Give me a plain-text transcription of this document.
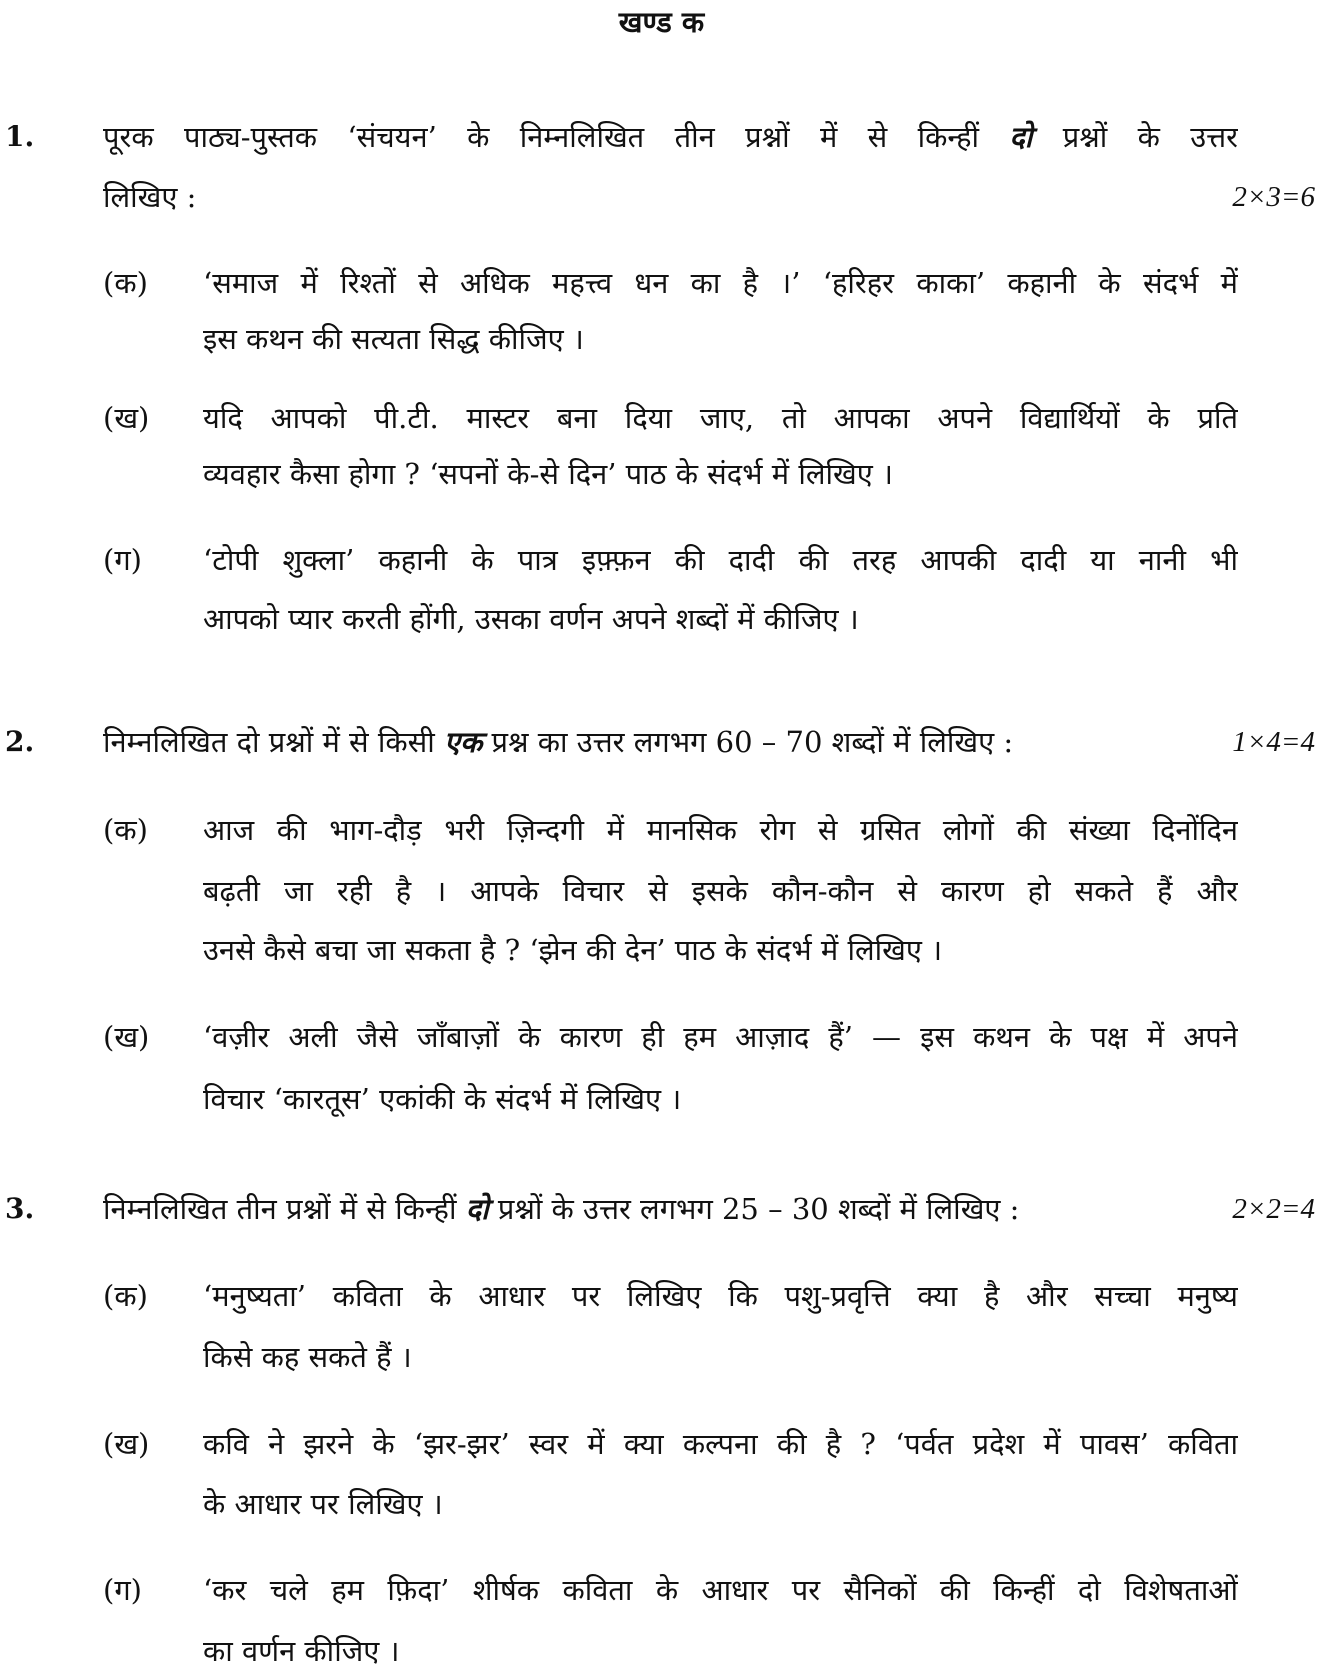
खण्ड क
1. पूरक पाठ्य-पुस्तक ‘संचयन’ के निम्नलिखित तीन प्रश्नों में से किन्हीं दो प्रश्नों के उत्तर
लिखिए :	2×3=6
(क) ‘समाज में रिश्तों से अधिक महत्त्व धन का है ।’ ‘हरिहर काका’ कहानी के संदर्भ में
इस कथन की सत्यता सिद्ध कीजिए ।
(ख) यदि आपको पी.टी. मास्टर बना दिया जाए, तो आपका अपने विद्यार्थियों के प्रति
व्यवहार कैसा होगा ? ‘सपनों के-से दिन’ पाठ के संदर्भ में लिखिए ।
(ग) ‘टोपी शुक्ला’ कहानी के पात्र इफ़्फ़न की दादी की तरह आपकी दादी या नानी भी
आपको प्यार करती होंगी, उसका वर्णन अपने शब्दों में कीजिए ।
2. निम्नलिखित दो प्रश्नों में से किसी एक प्रश्न का उत्तर लगभग 60 – 70 शब्दों में लिखिए :	1×4=4
(क) आज की भाग-दौड़ भरी ज़िन्दगी में मानसिक रोग से ग्रसित लोगों की संख्या दिनोंदिन
बढ़ती जा रही है । आपके विचार से इसके कौन-कौन से कारण हो सकते हैं और
उनसे कैसे बचा जा सकता है ? ‘झेन की देन’ पाठ के संदर्भ में लिखिए ।
(ख) ‘वज़ीर अली जैसे जाँबाज़ों के कारण ही हम आज़ाद हैं’ — इस कथन के पक्ष में अपने
विचार ‘कारतूस’ एकांकी के संदर्भ में लिखिए ।
3. निम्नलिखित तीन प्रश्नों में से किन्हीं दो प्रश्नों के उत्तर लगभग 25 – 30 शब्दों में लिखिए :	2×2=4
(क) ‘मनुष्यता’ कविता के आधार पर लिखिए कि पशु-प्रवृत्ति क्या है और सच्चा मनुष्य
किसे कह सकते हैं ।
(ख) कवि ने झरने के ‘झर-झर’ स्वर में क्या कल्पना की है ? ‘पर्वत प्रदेश में पावस’ कविता
के आधार पर लिखिए ।
(ग) ‘कर चले हम फ़िदा’ शीर्षक कविता के आधार पर सैनिकों की किन्हीं दो विशेषताओं
का वर्णन कीजिए ।
